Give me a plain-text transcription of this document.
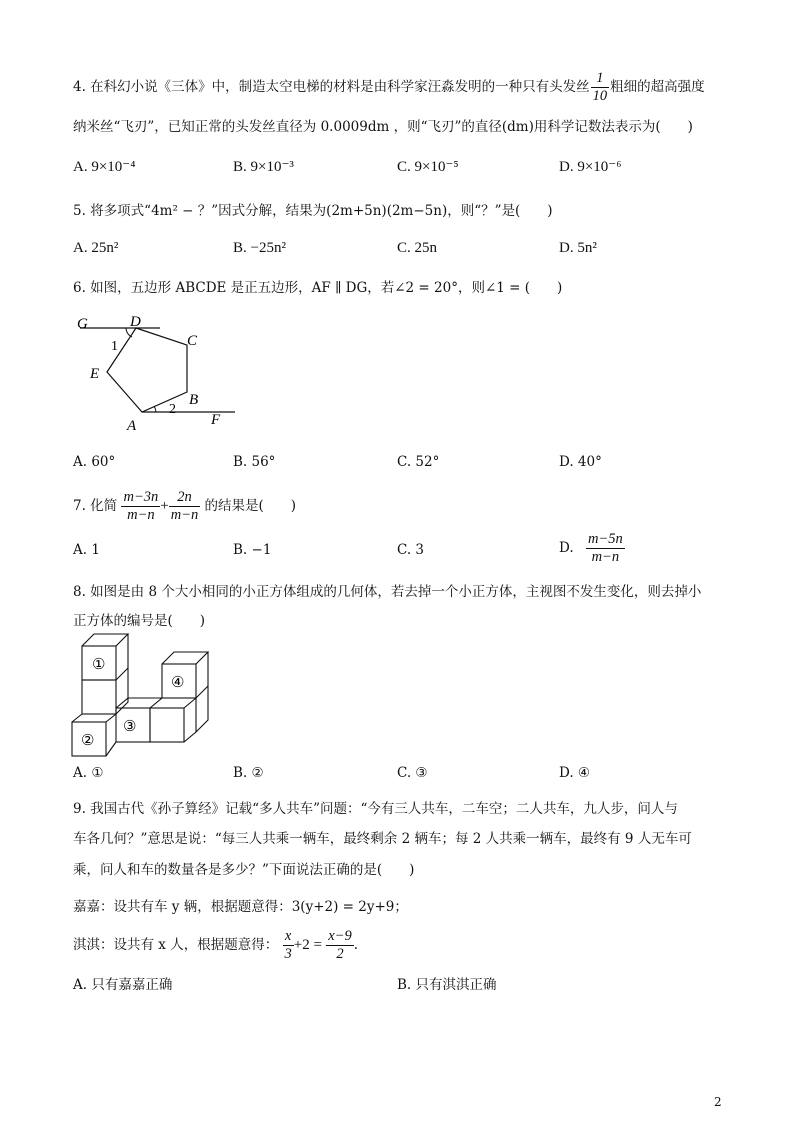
4. 在科幻小说《三体》中，制造太空电梯的材料是由科学家汪淼发明的一种只有头发丝 $\frac{1}{10}$ 粗细的超高强度
纳米丝“飞刃”，已知正常的头发丝直径为 0.0009dm ，则“飞刃”的直径(dm)用科学记数法表示为(　　)
A. 9×10⁻⁴	B. 9×10⁻³	C. 9×10⁻⁵	D. 9×10⁻⁶
5. 将多项式“4m² − ？”因式分解，结果为(2m+5n)(2m−5n)，则“？”是(　　)
A. 25n²	B. −25n²	C. 25n	D. 5n²
6. 如图，五边形 ABCDE 是正五边形，AF ∥ DG，若∠2 = 20°，则∠1 = (　　)
G	D
C
E
B
A	F
1
2
A. 60°	B. 56°	C. 52°	D. 40°
7. 化简 $\frac{m-3n}{m-n} + \frac{2n}{m-n}$ 的结果是(　　)
A. 1	B. −1	C. 3	D. $\frac{m-5n}{m-n}$
8. 如图是由 8 个大小相同的小正方体组成的几何体，若去掉一个小正方体，主视图不发生变化，则去掉小
正方体的编号是(　　)
①
②
③
④
A. ①	B. ②	C. ③	D. ④
9. 我国古代《孙子算经》记载“多人共车”问题：“今有三人共车，二车空；二人共车，九人步，问人与
车各几何？”意思是说：“每三人共乘一辆车，最终剩余 2 辆车；每 2 人共乘一辆车，最终有 9 人无车可
乘，问人和车的数量各是多少？”下面说法正确的是(　　)
嘉嘉：设共有车 y 辆，根据题意得：3(y+2) = 2y+9；
淇淇：设共有 x 人，根据题意得： $\frac{x}{3} +2 = \frac{x-9}{2}$ .
A. 只有嘉嘉正确	B. 只有淇淇正确
2
